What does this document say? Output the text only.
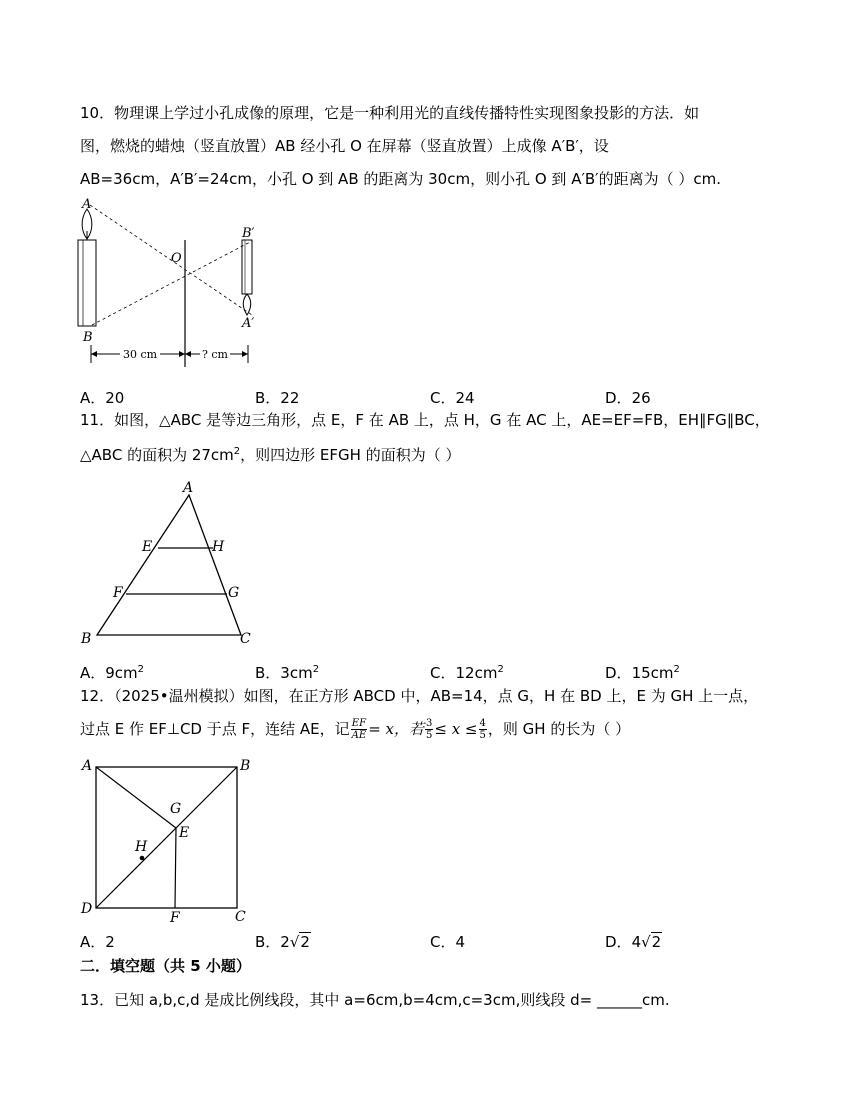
10．物理课上学过小孔成像的原理，它是一种利用光的直线传播特性实现图象投影的方法．如
图，燃烧的蜡烛（竖直放置）AB 经小孔 O 在屏幕（竖直放置）上成像 A′B′，设
AB=36cm，A′B′=24cm，小孔 O 到 AB 的距离为 30cm，则小孔 O 到 A′B′的距离为（ ）cm.
A
B
O
B′
A′
30 cm	? cm
A．20	B．22	C．24	D．26
11．如图，△ABC 是等边三角形，点 E，F 在 AB 上，点 H，G 在 AC 上，AE=EF=FB，EH∥FG∥BC，
△ABC 的面积为 $27cm^2$，则四边形 EFGH 的面积为（ ）
A
E	H
F	G
B	C
A．$9cm^2$	B．$3cm^2$	C．$12cm^2$	D．$15cm^2$
12．（2025•温州模拟）如图，在正方形 ABCD 中，AB=14，点 G，H 在 BD 上，E 为 GH 上一点，
过点 E 作 EF⊥CD 于点 F，连结 AE，记 $\frac{EF}{AE} = x$，若 $\frac{3}{5} \le x \le \frac{4}{5}$ ，则 GH 的长为（ ）
A	B
C
D
G
E
H
F
A．2	B．2√2	C．4	D．4√2
二．填空题（共 5 小题）
13．已知 a,b,c,d 是成比例线段，其中 a=6cm,b=4cm,c=3cm,则线段 d= ______cm.
